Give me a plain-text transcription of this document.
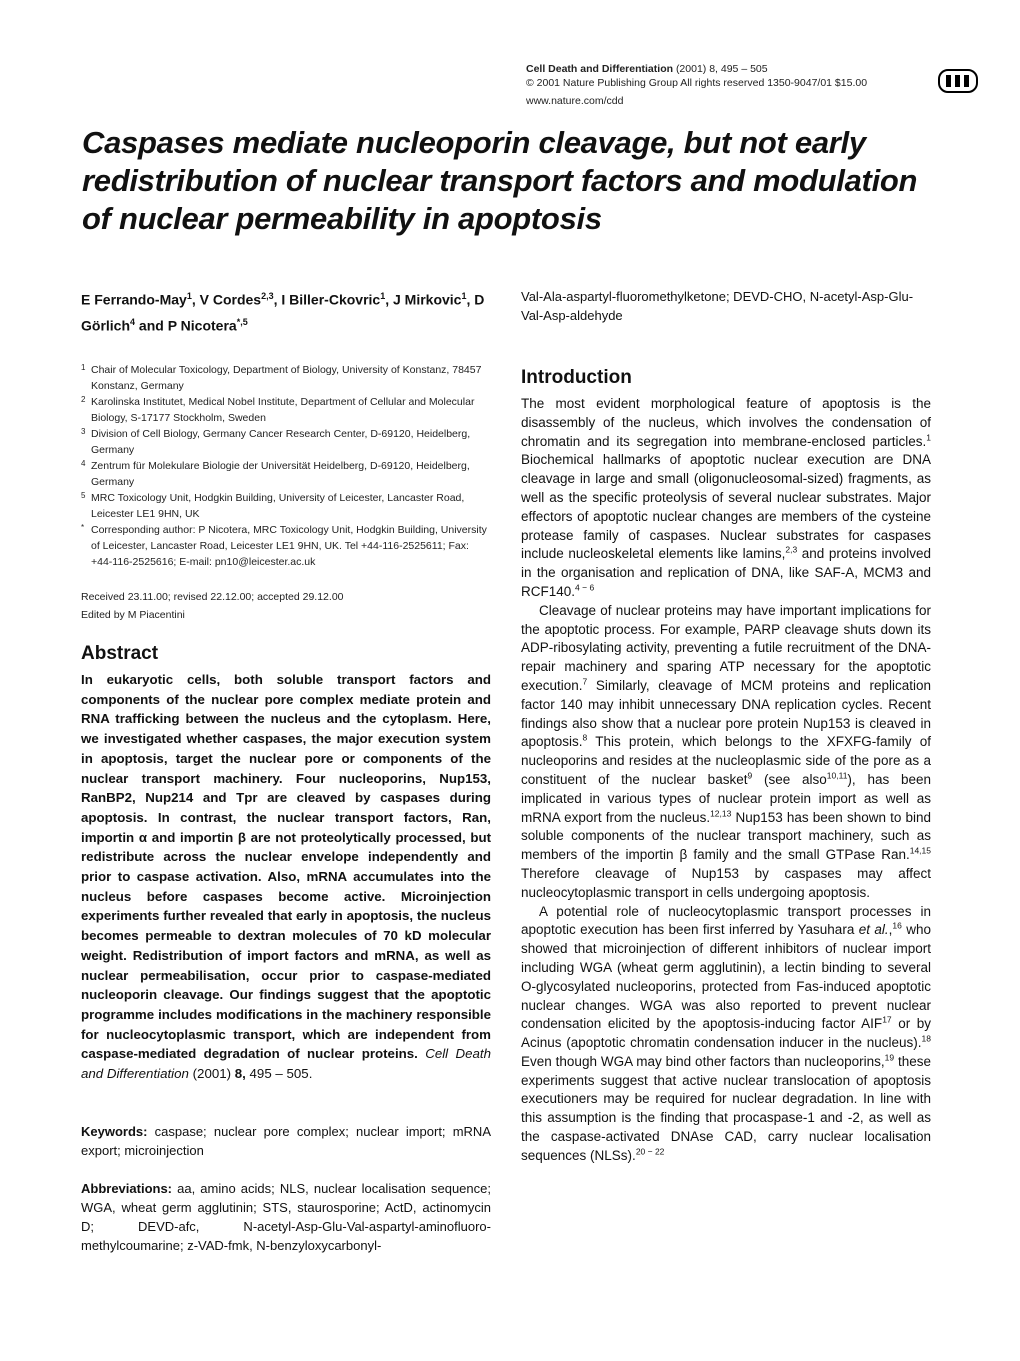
Cell Death and Differentiation (2001) 8, 495 – 505
© 2001 Nature Publishing Group All rights reserved 1350-9047/01 $15.00
www.nature.com/cdd
Caspases mediate nucleoporin cleavage, but not early
redistribution of nuclear transport factors and modulation
of nuclear permeability in apoptosis
E Ferrando-May$^1$, V Cordes$^{2,3}$, I Biller-Ckovric$^1$, J Mirkovic$^1$, D Görlich$^4$ and P Nicotera$^{*,5}$
1 Chair of Molecular Toxicology, Department of Biology, University of Konstanz, 78457 Konstanz, Germany
2 Karolinska Institutet, Medical Nobel Institute, Department of Cellular and Molecular Biology, S-17177 Stockholm, Sweden
3 Division of Cell Biology, Germany Cancer Research Center, D-69120, Heidelberg, Germany
4 Zentrum für Molekulare Biologie der Universität Heidelberg, D-69120, Heidelberg, Germany
5 MRC Toxicology Unit, Hodgkin Building, University of Leicester, Lancaster Road, Leicester LE1 9HN, UK
* Corresponding author: P Nicotera, MRC Toxicology Unit, Hodgkin Building, University of Leicester, Lancaster Road, Leicester LE1 9HN, UK. Tel +44-116-2525611; Fax: +44-116-2525616; E-mail: pn10@leicester.ac.uk
Received 23.11.00; revised 22.12.00; accepted 29.12.00
Edited by M Piacentini
Abstract
In eukaryotic cells, both soluble transport factors and components of the nuclear pore complex mediate protein and RNA trafficking between the nucleus and the cytoplasm. Here, we investigated whether caspases, the major execution system in apoptosis, target the nuclear pore or components of the nuclear transport machinery. Four nucleoporins, Nup153, RanBP2, Nup214 and Tpr are cleaved by caspases during apoptosis. In contrast, the nuclear transport factors, Ran, importin α and importin β are not proteolytically processed, but redistribute across the nuclear envelope independently and prior to caspase activation. Also, mRNA accumulates into the nucleus before caspases become active. Microinjection experiments further revealed that early in apoptosis, the nucleus becomes permeable to dextran molecules of 70 kD molecular weight. Redistribution of import factors and mRNA, as well as nuclear permeabilisation, occur prior to caspase-mediated nucleoporin cleavage. Our findings suggest that the apoptotic programme includes modifications in the machinery responsible for nucleocytoplasmic transport, which are independent from caspase-mediated degradation of nuclear proteins. Cell Death and Differentiation (2001) 8, 495 – 505.
Keywords: caspase; nuclear pore complex; nuclear import; mRNA export; microinjection
Abbreviations: aa, amino acids; NLS, nuclear localisation sequence; WGA, wheat germ agglutinin; STS, staurosporine; ActD, actinomycin D; DEVD-afc, N-acetyl-Asp-Glu-Val-aspartyl-aminofluoro-methylcoumarine; z-VAD-fmk, N-benzyloxycarbonyl-
Val-Ala-aspartyl-fluoromethylketone; DEVD-CHO, N-acetyl-Asp-Glu-Val-Asp-aldehyde
Introduction

The most evident morphological feature of apoptosis is the disassembly of the nucleus, which involves the condensation of chromatin and its segregation into membrane-enclosed particles.$^1$ Biochemical hallmarks of apoptotic nuclear execution are DNA cleavage in large and small (oligonucleosomal-sized) fragments, as well as the specific proteolysis of several nuclear substrates. Major effectors of apoptotic nuclear changes are members of the cysteine protease family of caspases. Nuclear substrates for caspases include nucleoskeletal elements like lamins,$^{2,3}$ and proteins involved in the organisation and replication of DNA, like SAF-A, MCM3 and RCF140.$^{4 - 6}$

Cleavage of nuclear proteins may have important implications for the apoptotic process. For example, PARP cleavage shuts down its ADP-ribosylating activity, preventing a futile recruitment of the DNA-repair machinery and sparing ATP necessary for the apoptotic execution.$^7$ Similarly, cleavage of MCM proteins and replication factor 140 may inhibit unnecessary DNA replication cycles. Recent findings also show that a nuclear pore protein Nup153 is cleaved in apoptosis.$^8$ This protein, which belongs to the XFXFG-family of nucleoporins and resides at the nucleoplasmic side of the pore as a constituent of the nuclear basket$^9$ (see also$^{10,11}$), has been implicated in various types of nuclear protein import as well as mRNA export from the nucleus.$^{12,13}$ Nup153 has been shown to bind soluble components of the nuclear transport machinery, such as members of the importin β family and the small GTPase Ran.$^{14,15}$ Therefore cleavage of Nup153 by caspases may affect nucleocytoplasmic transport in cells undergoing apoptosis.

A potential role of nucleocytoplasmic transport processes in apoptotic execution has been first inferred by Yasuhara et al.,$^{16}$ who showed that microinjection of different inhibitors of nuclear import including WGA (wheat germ agglutinin), a lectin binding to several O-glycosylated nucleoporins, protected from Fas-induced apoptotic nuclear changes. WGA was also reported to prevent nuclear condensation elicited by the apoptosis-inducing factor AIF$^{17}$ or by Acinus (apoptotic chromatin condensation inducer in the nucleus).$^{18}$ Even though WGA may bind other factors than nucleoporins,$^{19}$ these experiments suggest that active nuclear translocation of apoptosis executioners may be required for nuclear degradation. In line with this assumption is the finding that procaspase-1 and -2, as well as the caspase-activated DNAse CAD, carry nuclear localisation sequences (NLSs).$^{20 - 22}$
